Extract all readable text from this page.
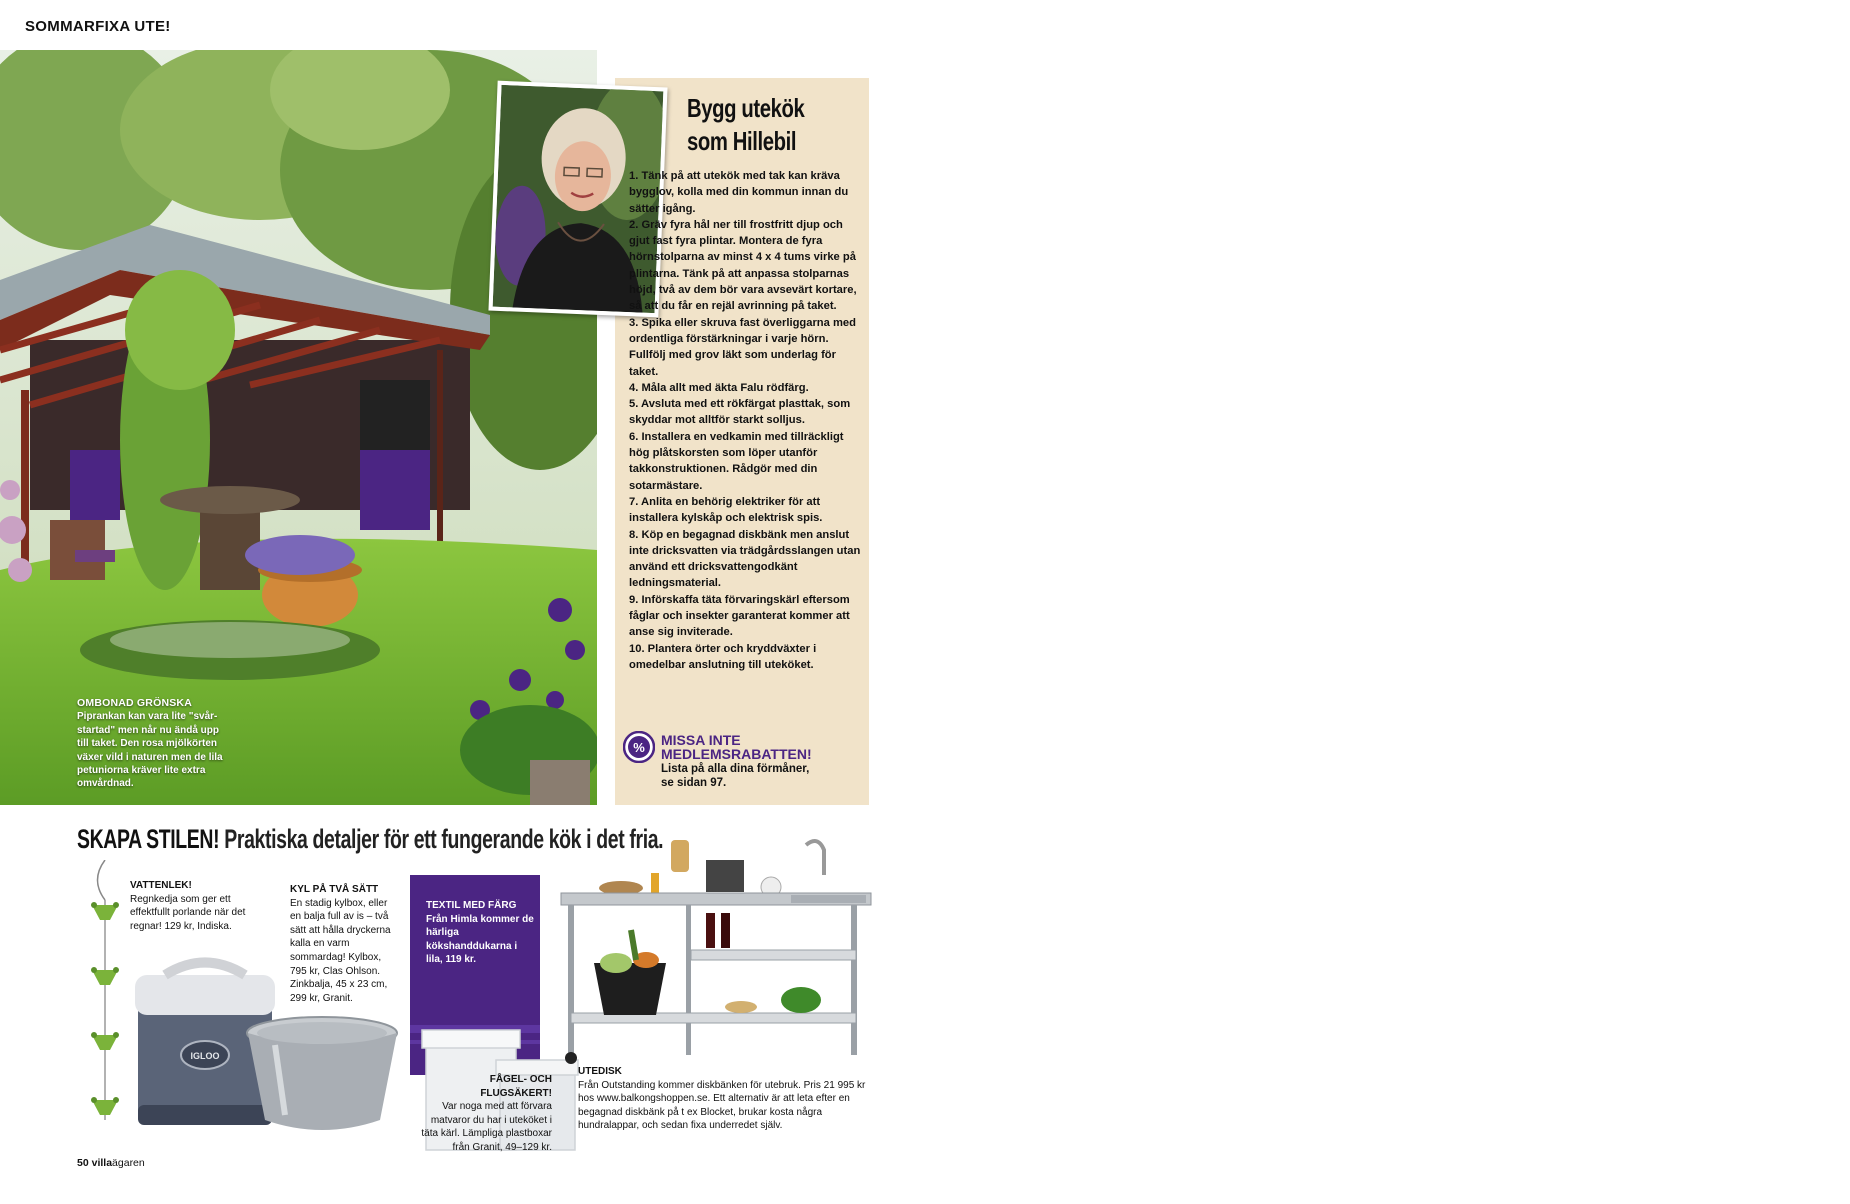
SOMMARFIXA UTE!
OMBONAD GRÖNSKA
Piprankan kan vara lite "svår-startad" men når nu ändå upp till taket. Den rosa mjölkörten växer vild i naturen men de lila petuniorna kräver lite extra omvårdnad.
Bygg utekök
som Hillebil

1. Tänk på att utekök med tak kan kräva bygglov, kolla med din kommun innan du sätter igång.

2. Gräv fyra hål ner till frostfritt djup och gjut fast fyra plintar. Montera de fyra hörnstolparna av minst 4 x 4 tums virke på plintarna. Tänk på att anpassa stolparnas höjd, två av dem bör vara avsevärt kortare, så att du får en rejäl avrinning på taket.

3. Spika eller skruva fast överliggarna med ordentliga förstärkningar i varje hörn. Fullfölj med grov läkt som underlag för taket.

4. Måla allt med äkta Falu rödfärg.

5. Avsluta med ett rökfärgat plasttak, som skyddar mot alltför starkt solljus.

6. Installera en vedkamin med tillräckligt hög plåtskorsten som löper utanför takkonstruktionen. Rådgör med din sotarmästare.

7. Anlita en behörig elektriker för att installera kylskåp och elektrisk spis.

8. Köp en begagnad diskbänk men anslut inte dricksvatten via trädgårdsslangen utan använd ett dricksvattengodkänt ledningsmaterial.

9. Införskaffa täta förvaringskärl eftersom fåglar och insekter garanterat kommer att anse sig inviterade.

10. Plantera örter och kryddväxter i omedelbar anslutning till uteköket.

% MISSA INTE
MEDLEMSRABATTEN!
Lista på alla dina förmåner,
se sidan 97.
SKAPA STILEN! Praktiska detaljer för ett fungerande kök i det fria.
IGLOO

VATTENLEK!
Regnkedja som ger ett effektfullt porlande när det regnar! 129 kr, Indiska.

KYL PÅ TVÅ SÄTT
En stadig kylbox, eller en balja full av is – två sätt att hålla dryckerna kalla en varm sommardag! Kylbox, 795 kr, Clas Ohlson. Zinkbalja, 45 x 23 cm, 299 kr, Granit.

TEXTIL MED FÄRG
Från Himla kommer de härliga kökshanddukarna i lila, 119 kr.

FÅGEL- OCH FLUGSÄKERT!
Var noga med att förvara matvaror du har i uteköket i täta kärl. Lämpliga plastboxar från Granit, 49–129 kr.

UTEDISK
Från Outstanding kommer diskbänken för utebruk. Pris 21 995 kr hos www.balkongshoppen.se. Ett alternativ är att leta efter en begagnad diskbänk på t ex Blocket, brukar kosta några hundralappar, och sedan fixa underredet själv.

50 villaägaren
